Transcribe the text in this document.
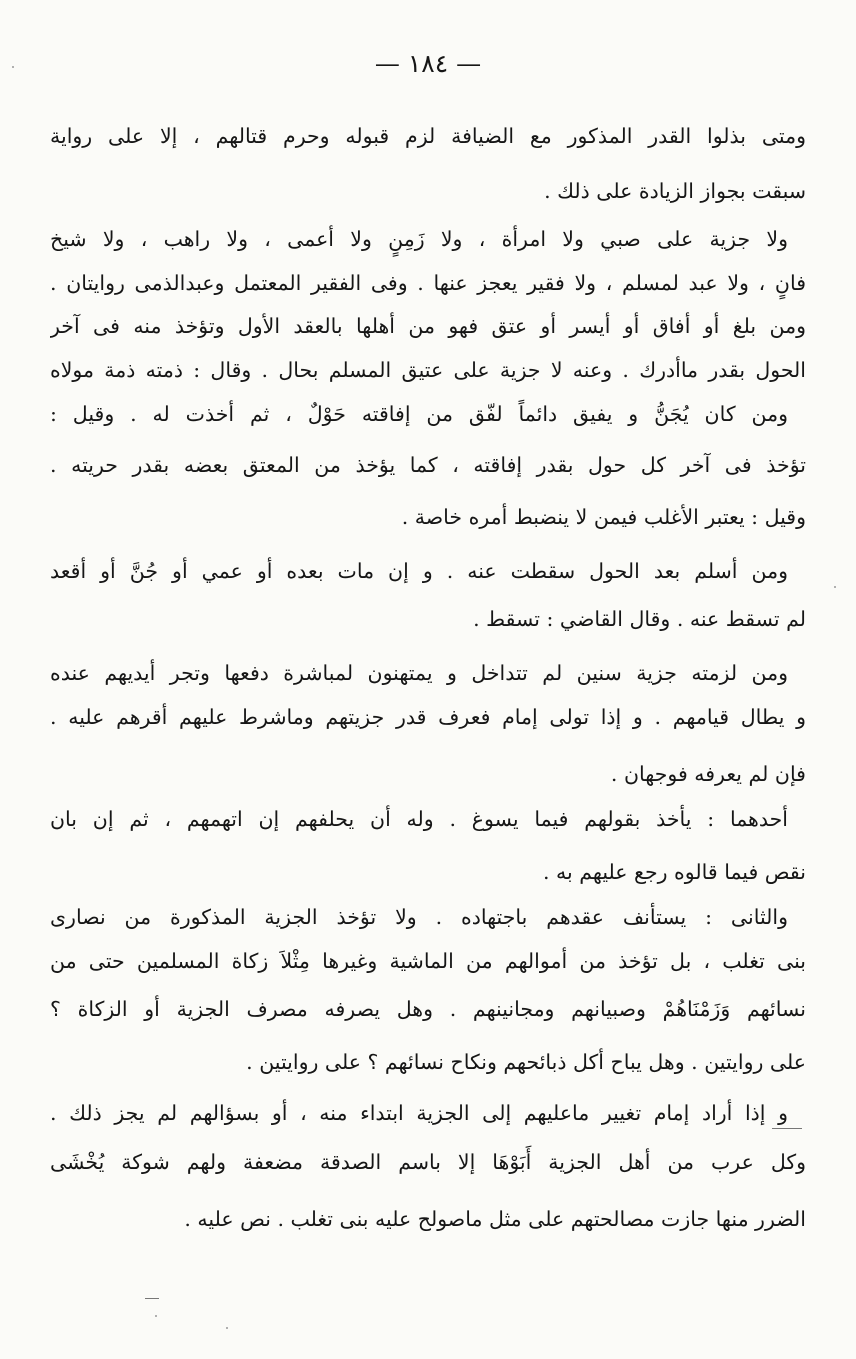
— ١٨٤ —
ومتى بذلوا القدر المذكور مع الضيافة لزم قبوله وحرم قتالهم ، إلا على رواية
سبقت بجواز الزيادة على ذلك .
ولا جزية على صبي ولا امرأة ، ولا زَمِنٍ ولا أعمى ، ولا راهب ، ولا شيخ
فانٍ ، ولا عبد لمسلم ، ولا فقير يعجز عنها . وفى الفقير المعتمل وعبدالذمى روايتان .
ومن بلغ أو أفاق أو أيسر أو عتق فهو من أهلها بالعقد الأول وتؤخذ منه فى آخر
الحول بقدر ماأدرك . وعنه لا جزية على عتيق المسلم بحال . وقال : ذمته ذمة مولاه
ومن كان يُجَنُّ و يفيق دائماً لفّق من إفاقته حَوْلٌ ، ثم أخذت له . وقيل :
تؤخذ فى آخر كل حول بقدر إفاقته ، كما يؤخذ من المعتق بعضه بقدر حريته .
وقيل : يعتبر الأغلب فيمن لا ينضبط أمره خاصة .
ومن أسلم بعد الحول سقطت عنه . و إن مات بعده أو عمي أو جُنَّ أو أقعد
لم تسقط عنه . وقال القاضي : تسقط .
ومن لزمته جزية سنين لم تتداخل و يمتهنون لمباشرة دفعها وتجر أيديهم عنده
و يطال قيامهم . و إذا تولى إمام فعرف قدر جزيتهم وماشرط عليهم أقرهم عليه .
فإن لم يعرفه فوجهان .
أحدهما : يأخذ بقولهم فيما يسوغ . وله أن يحلفهم إن اتهمهم ، ثم إن بان
نقص فيما قالوه رجع عليهم به .
والثانى : يستأنف عقدهم باجتهاده . ولا تؤخذ الجزية المذكورة من نصارى
بنى تغلب ، بل تؤخذ من أموالهم من الماشية وغيرها مِثْلاَ زكاة المسلمين حتى من
نسائهم وَزَمْنَاهُمْ وصبيانهم ومجانينهم . وهل يصرفه مصرف الجزية أو الزكاة ؟
على روايتين . وهل يباح أكل ذبائحهم ونكاح نسائهم ؟ على روايتين .
و إذا أراد إمام تغيير ماعليهم إلى الجزية ابتداء منه ، أو بسؤالهم لم يجز ذلك .
وكل عرب من أهل الجزية أَبَوْهَا إلا باسم الصدقة مضعفة ولهم شوكة يُخْشَى
الضرر منها جازت مصالحتهم على مثل ماصولح عليه بنى تغلب . نص عليه .
